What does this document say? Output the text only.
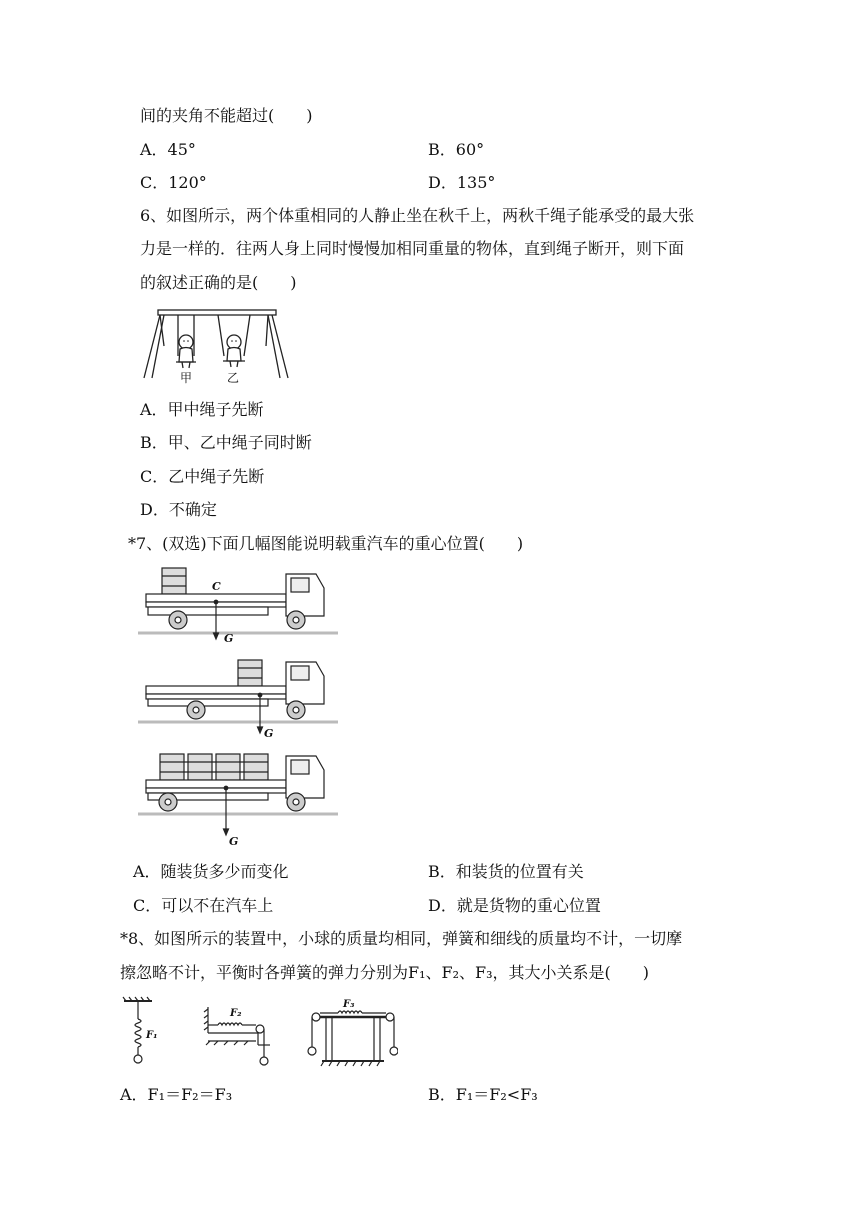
间的夹角不能超过(　　)
A．45°	B．60°
C．120°	D．135°
6、如图所示，两个体重相同的人静止坐在秋千上，两秋千绳子能承受的最大张
力是一样的．往两人身上同时慢慢加相同重量的物体，直到绳子断开，则下面
的叙述正确的是(　　)
甲	乙
A．甲中绳子先断
B．甲、乙中绳子同时断
C．乙中绳子先断
D．不确定
*7、(双选)下面几幅图能说明载重汽车的重心位置(　　)
C
G
G
G
A．随装货多少而变化	B．和装货的位置有关
C．可以不在汽车上	D．就是货物的重心位置
*8、如图所示的装置中，小球的质量均相同，弹簧和细线的质量均不计，一切摩
擦忽略不计，平衡时各弹簧的弹力分别为F₁、F₂、F₃，其大小关系是(　　)
F₁
F₂
F₃
A．F₁＝F₂＝F₃	B．F₁＝F₂<F₃
